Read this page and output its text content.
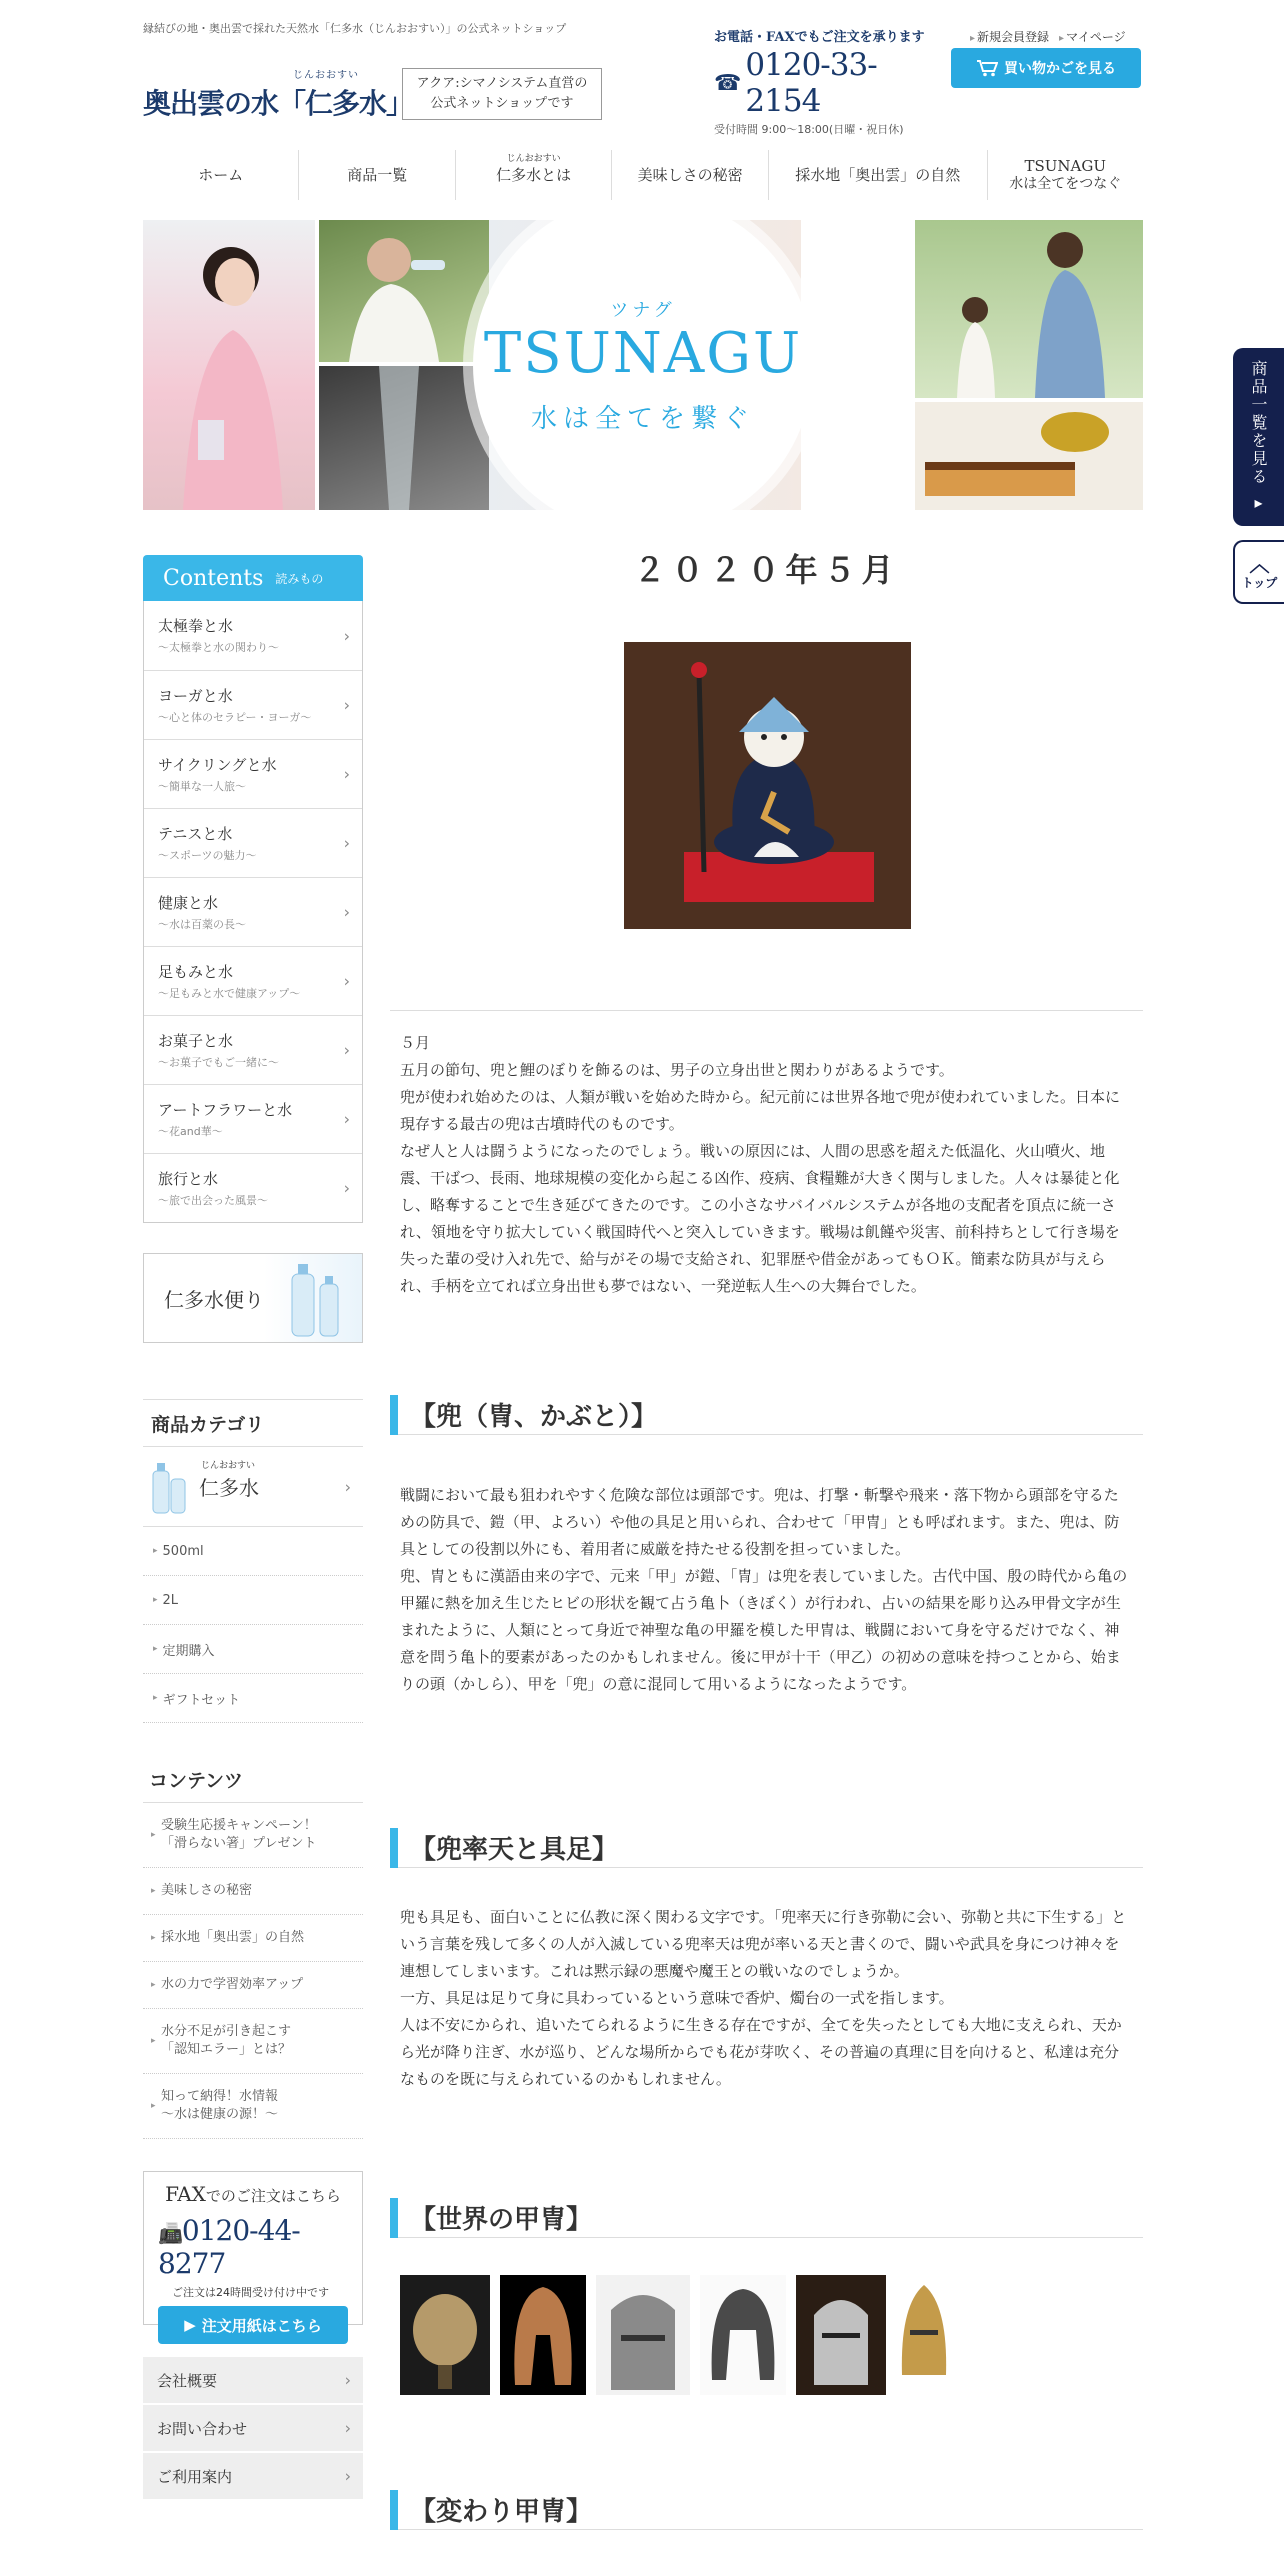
縁結びの地・奥出雲で採れた天然水「仁多水（じんおおすい）」の公式ネットショップ
じんおおすい
奥出雲の水「仁多水」
アクア:シマノシステム直営の
公式ネットショップです
お電話・FAXでもご注文を承ります
☎ 0120-33-2154
受付時間 9:00～18:00(日曜・祝日休)
▸ 新規会員登録
▸	マイページ
買い物かごを見る
ホーム	商品一覧
じんおおすい
仁多水とは	美味しさの秘密	採水地「奥出雲」の自然	TSUNAGU
水は全てをつなぐ
ツナグ
TSUNAGU
水は全てを繋ぐ	商品一覧を見る ▸
︿
トップ
Contents 読みもの
太極拳と水
～太極拳と水の関わり～
›
ヨーガと水
～心と体のセラピー・ヨーガ～
›
サイクリングと水
～簡単な一人旅～
›
テニスと水
～スポーツの魅力～
›
健康と水
～水は百薬の長～
›
足もみと水
～足もみと水で健康アップ～
›
お菓子と水
～お菓子でもご一緒に～
›
アートフラワーと水
～花and華～
›
旅行と水
～旅で出会った風景～
›
仁多水便り
商品カテゴリ
じんおおすい
仁多水	›
▸ 500ml
▸ 2L
▸ 定期購入
▸ ギフトセット
コンテンツ
▸ 受験生応援キャンペーン！
「滑らない箸」プレゼント
▸ 美味しさの秘密
▸ 採水地「奥出雲」の自然
▸ 水の力で学習効率アップ
▸ 水分不足が引き起こす
「認知エラー」とは？
▸ 知って納得！水情報
～水は健康の源！～
FAXでのご注文はこちら
📠0120-44-8277
ご注文は24時間受け付け中です
▶ 注文用紙はこちら
会社概要	›
お問い合わせ	›
ご利用案内	›
２０２０年５月
５月
五月の節句、兜と鯉のぼりを飾るのは、男子の立身出世と関わりがあるようです。
兜が使われ始めたのは、人類が戦いを始めた時から。紀元前には世界各地で兜が使われていました。日本に現存する最古の兜は古墳時代のものです。
なぜ人と人は闘うようになったのでしょう。戦いの原因には、人間の思惑を超えた低温化、火山噴火、地震、干ばつ、長雨、地球規模の変化から起こる凶作、疫病、食糧難が大きく関与しました。人々は暴徒と化し、略奪することで生き延びてきたのです。この小さなサバイバルシステムが各地の支配者を頂点に統一され、領地を守り拡大していく戦国時代へと突入していきます。戦場は飢饉や災害、前科持ちとして行き場を失った輩の受け入れ先で、給与がその場で支給され、犯罪歴や借金があってもＯＫ。簡素な防具が与えられ、手柄を立てれば立身出世も夢ではない、一発逆転人生への大舞台でした。
【兜（冑、かぶと）】
戦闘において最も狙われやすく危険な部位は頭部です。兜は、打撃・斬撃や飛来・落下物から頭部を守るための防具で、鎧（甲、よろい）や他の具足と用いられ、合わせて「甲冑」とも呼ばれます。また、兜は、防具としての役割以外にも、着用者に威厳を持たせる役割を担っていました。
兜、冑ともに漢語由来の字で、元来「甲」が鎧、「冑」は兜を表していました。古代中国、殷の時代から亀の甲羅に熱を加え生じたヒビの形状を観て占う亀卜（きぼく）が行われ、占いの結果を彫り込み甲骨文字が生まれたように、人類にとって身近で神聖な亀の甲羅を模した甲冑は、戦闘において身を守るだけでなく、神意を問う亀卜的要素があったのかもしれません。後に甲が十干（甲乙）の初めの意味を持つことから、始まりの頭（かしら）、甲を「兜」の意に混同して用いるようになったようです。
【兜率天と具足】
兜も具足も、面白いことに仏教に深く関わる文字です。「兜率天に行き弥勒に会い、弥勒と共に下生する」という言葉を残して多くの人が入滅している兜率天は兜が率いる天と書くので、闘いや武具を身につけ神々を連想してしまいます。これは黙示録の悪魔や魔王との戦いなのでしょうか。
一方、具足は足りて身に具わっているという意味で香炉、燭台の一式を指します。
人は不安にかられ、追いたてられるように生きる存在ですが、全てを失ったとしても大地に支えられ、天から光が降り注ぎ、水が巡り、どんな場所からでも花が芽吹く、その普遍の真理に目を向けると、私達は充分なものを既に与えられているのかもしれません。
【世界の甲冑】
【変わり甲冑】
